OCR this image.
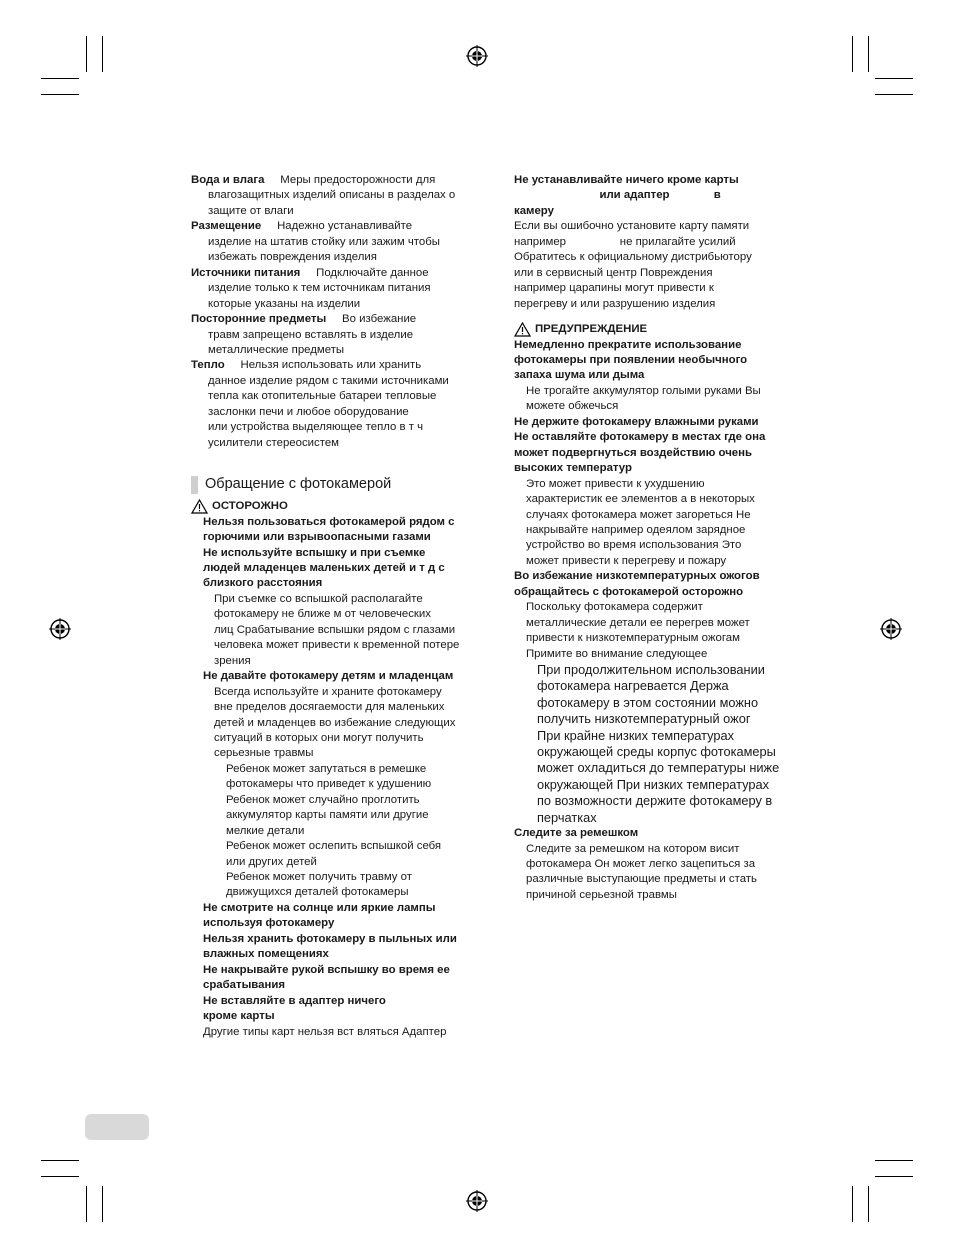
Вода и влага Меры предосторожности для
влагозащитных изделий описаны в разделах о
защите от влаги
Размещение Надежно устанавливайте
изделие на штатив стойку или зажим чтобы
избежать повреждения изделия
Источники питания Подключайте данное
изделие только к тем источникам питания
которые указаны на изделии
Посторонние предметы Во избежание
травм запрещено вставлять в изделие
металлические предметы
Тепло Нельзя использовать или хранить
данное изделие рядом с такими источниками
тепла как отопительные батареи тепловые
заслонки печи и любое оборудование
или устройства выделяющее тепло в т ч
усилители стереосистем
Обращение с фотокамерой
ОСТОРОЖНО
Нельзя пользоваться фотокамерой рядом с
горючими или взрывоопасными газами
Не используйте вспышку и при съемке
людей младенцев маленьких детей и т д с
близкого расстояния
При съемке со вспышкой располагайте
фотокамеру не ближе м от человеческих
лиц Срабатывание вспышки рядом с глазами
человека может привести к временной потере
зрения
Не давайте фотокамеру детям и младенцам
Всегда используйте и храните фотокамеру
вне пределов досягаемости для маленьких
детей и младенцев во избежание следующих
ситуаций в которых они могут получить
серьезные травмы
Ребенок может запутаться в ремешке
фотокамеры что приведет к удушению
Ребенок может случайно проглотить
аккумулятор карты памяти или другие
мелкие детали
Ребенок может ослепить вспышкой себя
или других детей
Ребенок может получить травму от
движущихся деталей фотокамеры
Не смотрите на солнце или яркие лампы
используя фотокамеру
Нельзя хранить фотокамеру в пыльных или
влажных помещениях
Не накрывайте рукой вспышку во время ее
срабатывания
Не вставляйте в адаптер ничего
кроме карты
Другие типы карт нельзя вст вляться Адаптер
Не устанавливайте ничего кроме карты
или адаптер              в
камеру
Если вы ошибочно установите карту памяти
например                 не прилагайте усилий
Обратитесь к официальному дистрибьютору
или в сервисный центр Повреждения
например царапины могут привести к
перегреву и или разрушению изделия
ПРЕДУПРЕЖДЕНИЕ
Немедленно прекратите использование
фотокамеры при появлении необычного
запаха шума или дыма
Не трогайте аккумулятор голыми руками Вы
можете обжечься
Не держите фотокамеру влажными руками
Не оставляйте фотокамеру в местах где она
может подвергнуться воздействию очень
высоких температур
Это может привести к ухудшению
характеристик ее элементов а в некоторых
случаях фотокамера может загореться Не
накрывайте например одеялом зарядное
устройство во время использования Это
может привести к перегреву и пожару
Во избежание низкотемпературных ожогов
обращайтесь с фотокамерой осторожно
Поскольку фотокамера содержит
металлические детали ее перегрев может
привести к низкотемпературным ожогам
Примите во внимание следующее
При продолжительном использовании
фотокамера нагревается Держа
фотокамеру в этом состоянии можно
получить низкотемпературный ожог
При крайне низких температурах
окружающей среды корпус фотокамеры
может охладиться до температуры ниже
окружающей При низких температурах
по возможности держите фотокамеру в
перчатках
Следите за ремешком
Следите за ремешком на котором висит
фотокамера Он может легко зацепиться за
различные выступающие предметы и стать
причиной серьезной травмы
